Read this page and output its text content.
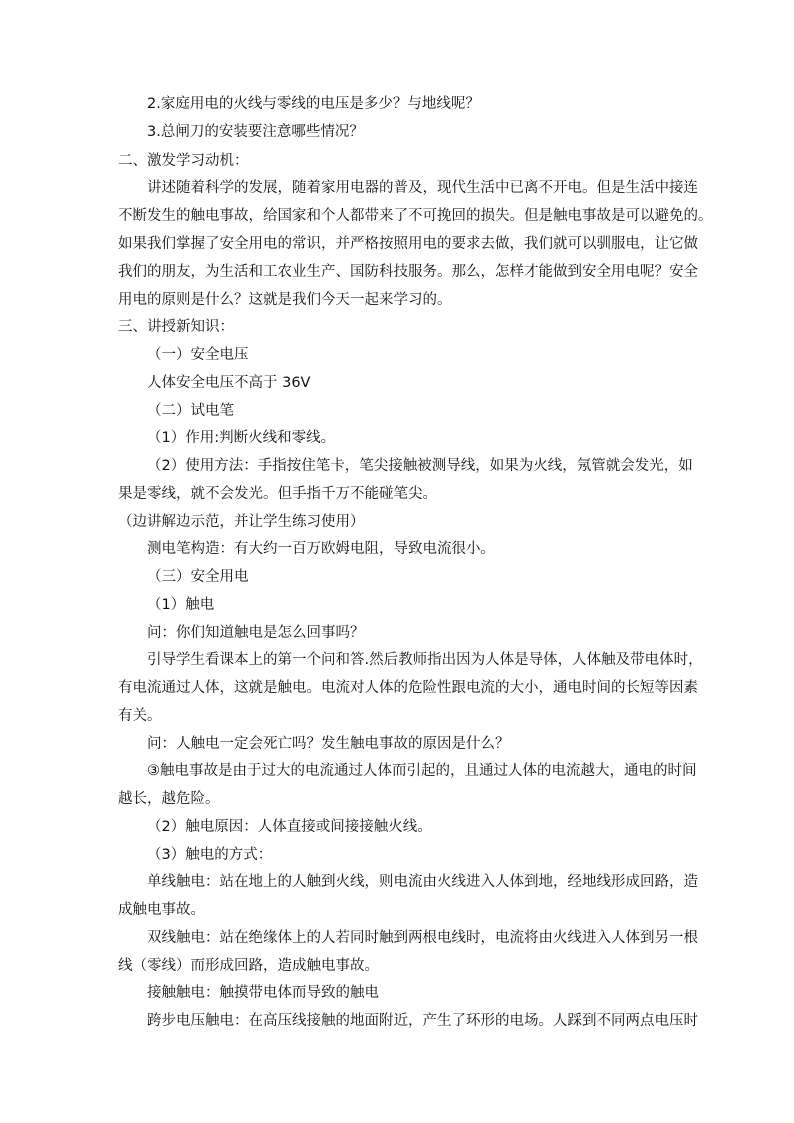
2.家庭用电的火线与零线的电压是多少？与地线呢？
3.总闸刀的安装要注意哪些情况？
二、激发学习动机：
讲述随着科学的发展，随着家用电器的普及，现代生活中已离不开电。但是生活中接连
不断发生的触电事故，给国家和个人都带来了不可挽回的损失。但是触电事故是可以避免的。
如果我们掌握了安全用电的常识，并严格按照用电的要求去做，我们就可以驯服电，让它做
我们的朋友，为生活和工农业生产、国防科技服务。那么，怎样才能做到安全用电呢？安全
用电的原则是什么？这就是我们今天一起来学习的。
三、讲授新知识：
（一）安全电压
人体安全电压不高于 36V
（二）试电笔
（1）作用:判断火线和零线。
（2）使用方法：手指按住笔卡，笔尖接触被测导线，如果为火线，氖管就会发光，如
果是零线，就不会发光。但手指千万不能碰笔尖。
（边讲解边示范，并让学生练习使用）
测电笔构造：有大约一百万欧姆电阻，导致电流很小。
（三）安全用电
（1）触电
问：你们知道触电是怎么回事吗？
引导学生看课本上的第一个问和答.然后教师指出因为人体是导体，人体触及带电体时，
有电流通过人体，这就是触电。电流对人体的危险性跟电流的大小，通电时间的长短等因素
有关。
问：人触电一定会死亡吗？发生触电事故的原因是什么？
③触电事故是由于过大的电流通过人体而引起的，且通过人体的电流越大，通电的时间
越长，越危险。
（2）触电原因：人体直接或间接接触火线。
（3）触电的方式：
单线触电：站在地上的人触到火线，则电流由火线进入人体到地，经地线形成回路，造
成触电事故。
双线触电：站在绝缘体上的人若同时触到两根电线时，电流将由火线进入人体到另一根
线（零线）而形成回路，造成触电事故。
接触触电：触摸带电体而导致的触电
跨步电压触电：在高压线接触的地面附近，产生了环形的电场。人踩到不同两点电压时
